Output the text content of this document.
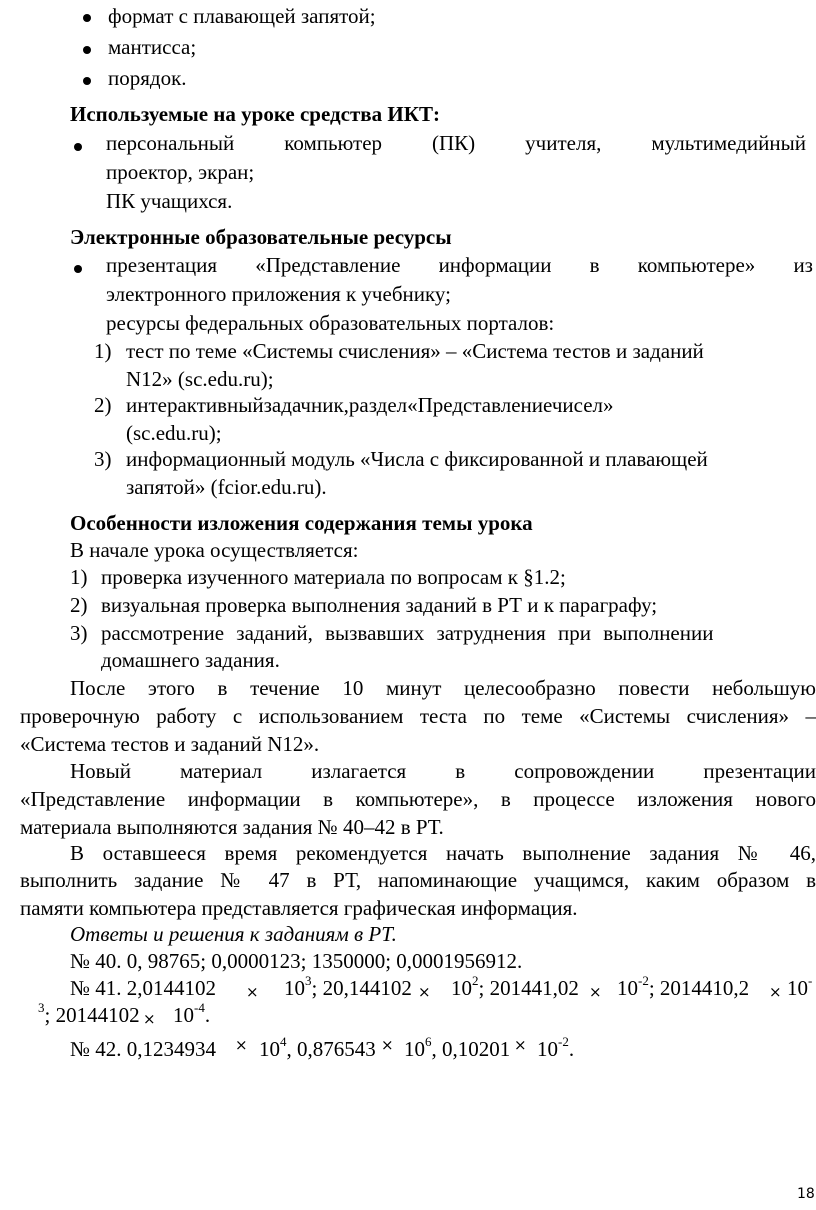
формат с плавающей запятой;
мантисса;
порядок.
Используемые на уроке средства ИКТ:
персональный компьютер (ПК) учителя, мультимедийный
проектор, экран;
ПК учащихся.
Электронные образовательные ресурсы
презентация «Представление информации в компьютере» из
электронного приложения к учебнику;
ресурсы федеральных образовательных порталов:
1) тест по теме «Системы счисления» – «Система тестов и заданий
N12» (sc.edu.ru);
2) интерактивныйзадачник,раздел«Представлениечисел»
(sc.edu.ru);
3) информационный модуль «Числа с фиксированной и плавающей
запятой» (fcior.edu.ru).
Особенности изложения содержания темы урока
В начале урока осуществляется:
1) проверка изученного материала по вопросам к §1.2;
2) визуальная проверка выполнения заданий в РТ и к параграфу;
3) рассмотрение заданий, вызвавших затруднения при выполнении
домашнего задания.
После этого в течение 10 минут целесообразно повести небольшую
проверочную работу с использованием теста по теме «Системы счисления» –
«Система тестов и заданий N12».
Новый материал излагается в сопровождении презентации
«Представление информации в компьютере», в процессе изложения нового
материала выполняются задания № 40–42 в РТ.
В оставшееся время рекомендуется начать выполнение задания № 46,
выполнить задание № 47 в РТ, напоминающие учащимся, каким образом в
памяти компьютера представляется графическая информация.
Ответы и решения к заданиям в РТ.
№ 40. 0, 98765; 0,0000123; 1350000; 0,0001956912.
№ 41. $2,0144102 \times 10^3$; $20,144102 \times 10^2$; $201441,02 \times 10^{-2}$; 2014410,2 × 10-
$^3$; $20144102 \times 10^{-4}$.
№ 42. $0,1234934 \times 10^4$, $0,876543 \times 10^6$, $0,10201 \times 10^{-2}$.
18
